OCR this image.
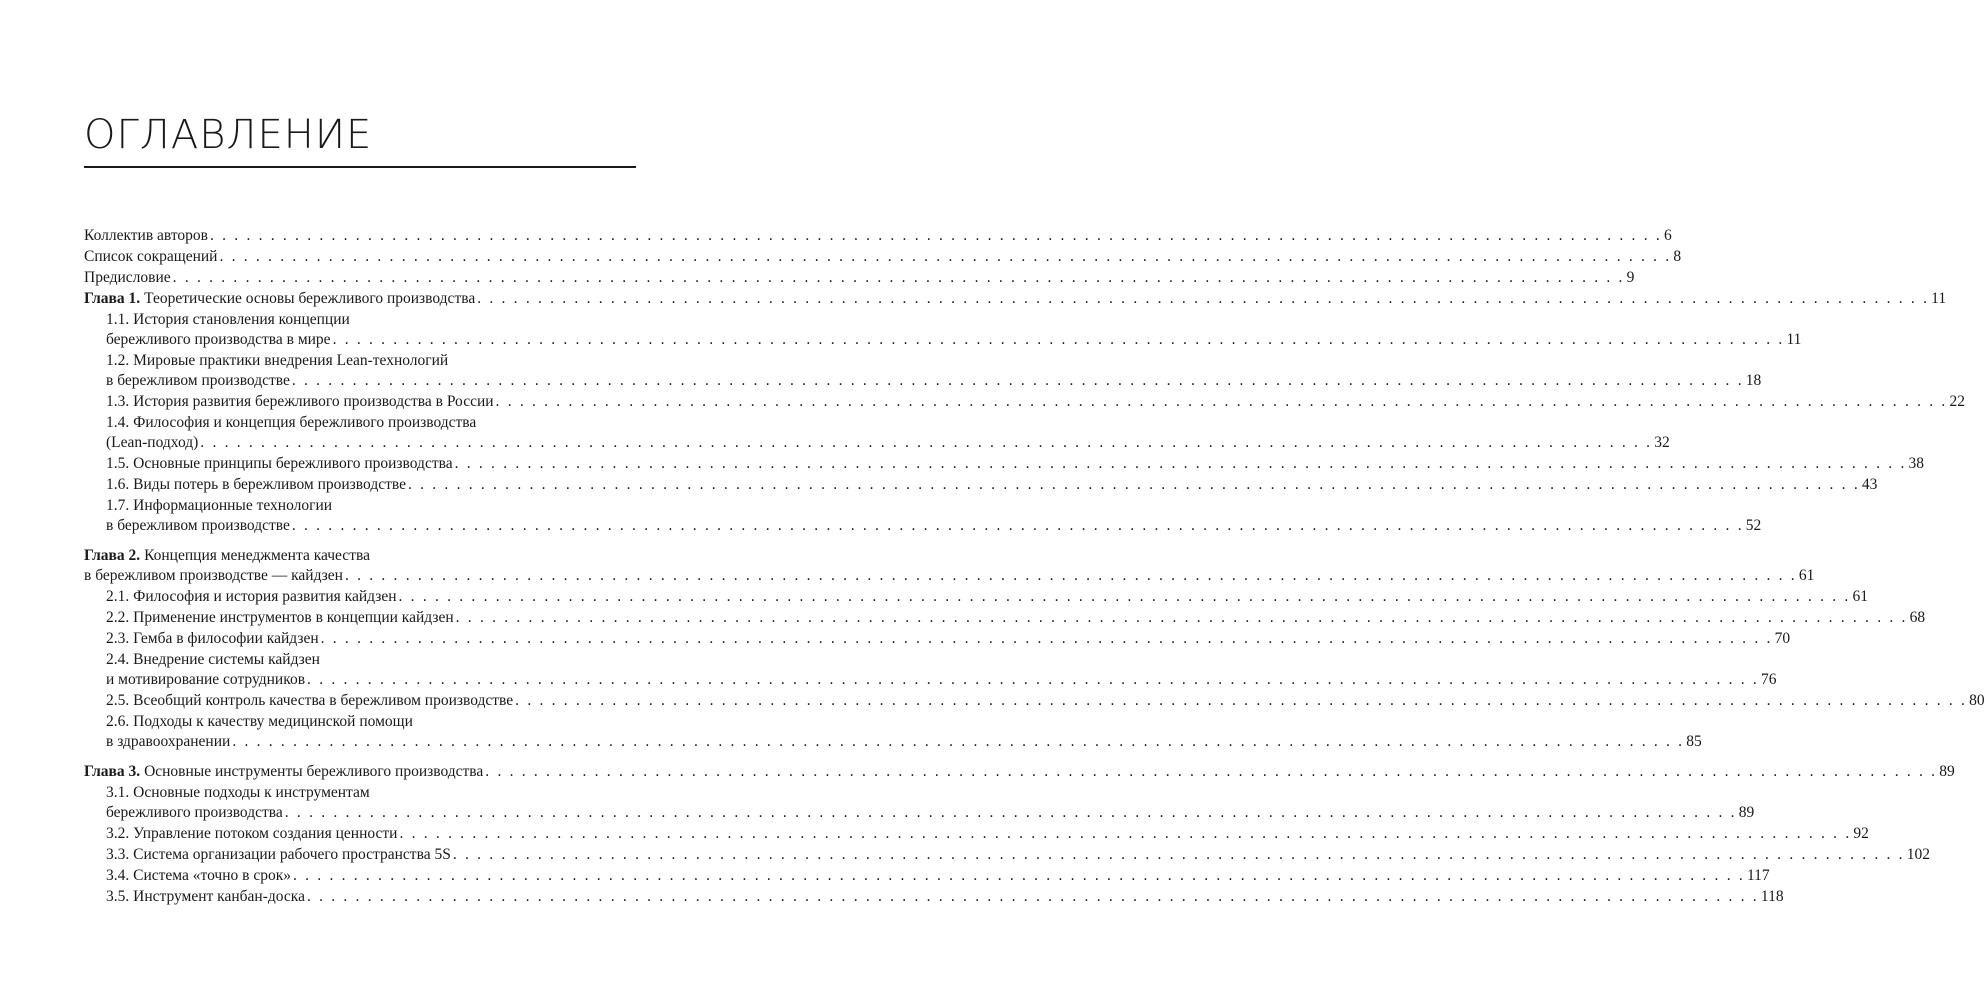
ОГЛАВЛЕНИЕ
Коллектив авторов . . . . . . . . . . . . . . . . . . . . . . . . . . . . . . . . . . . . . . . . . . . . . . . . . . . . . . . . . . . . . . . . . . . . . . . . . . . . . . . . . . . . . . . . . . . . . . . . . . . . . . . . . . . . . . . . . . . . . . . . 6
Список сокращений . . . . . . . . . . . . . . . . . . . . . . . . . . . . . . . . . . . . . . . . . . . . . . . . . . . . . . . . . . . . . . . . . . . . . . . . . . . . . . . . . . . . . . . . . . . . . . . . . . . . . . . . . . . . . . . . . . . . . . . . 8
Предисловие . . . . . . . . . . . . . . . . . . . . . . . . . . . . . . . . . . . . . . . . . . . . . . . . . . . . . . . . . . . . . . . . . . . . . . . . . . . . . . . . . . . . . . . . . . . . . . . . . . . . . . . . . . . . . . . . . . . . . . . . 9
Глава 1. Теоретические основы бережливого производства . . . . . . . . . . . . . . . . . . . . . . . . . . . . . . . . . . . . . . . . . . . . . . . . . . . . . . . . . . . . . . . . . . . . . . . . . . . . . . . . . . . . . . . . . . . . . . . . . . . . . . . . . . . . . . . . . . . . . . . . 11
1.1. История становления концепции
бережливого производства в мире . . . . . . . . . . . . . . . . . . . . . . . . . . . . . . . . . . . . . . . . . . . . . . . . . . . . . . . . . . . . . . . . . . . . . . . . . . . . . . . . . . . . . . . . . . . . . . . . . . . . . . . . . . . . . . . . . . . . . . . . 11
1.2. Мировые практики внедрения Lean-технологий
в бережливом производстве . . . . . . . . . . . . . . . . . . . . . . . . . . . . . . . . . . . . . . . . . . . . . . . . . . . . . . . . . . . . . . . . . . . . . . . . . . . . . . . . . . . . . . . . . . . . . . . . . . . . . . . . . . . . . . . . . . . . . . . . 18
1.3. История развития бережливого производства в России . . . . . . . . . . . . . . . . . . . . . . . . . . . . . . . . . . . . . . . . . . . . . . . . . . . . . . . . . . . . . . . . . . . . . . . . . . . . . . . . . . . . . . . . . . . . . . . . . . . . . . . . . . . . . . . . . . . . . . . . 22
1.4. Философия и концепция бережливого производства
(Lean-подход) . . . . . . . . . . . . . . . . . . . . . . . . . . . . . . . . . . . . . . . . . . . . . . . . . . . . . . . . . . . . . . . . . . . . . . . . . . . . . . . . . . . . . . . . . . . . . . . . . . . . . . . . . . . . . . . . . . . . . . . . 32
1.5. Основные принципы бережливого производства . . . . . . . . . . . . . . . . . . . . . . . . . . . . . . . . . . . . . . . . . . . . . . . . . . . . . . . . . . . . . . . . . . . . . . . . . . . . . . . . . . . . . . . . . . . . . . . . . . . . . . . . . . . . . . . . . . . . . . . . 38
1.6. Виды потерь в бережливом производстве . . . . . . . . . . . . . . . . . . . . . . . . . . . . . . . . . . . . . . . . . . . . . . . . . . . . . . . . . . . . . . . . . . . . . . . . . . . . . . . . . . . . . . . . . . . . . . . . . . . . . . . . . . . . . . . . . . . . . . . . 43
1.7. Информационные технологии
в бережливом производстве . . . . . . . . . . . . . . . . . . . . . . . . . . . . . . . . . . . . . . . . . . . . . . . . . . . . . . . . . . . . . . . . . . . . . . . . . . . . . . . . . . . . . . . . . . . . . . . . . . . . . . . . . . . . . . . . . . . . . . . . 52
Глава 2. Концепция менеджмента качества
в бережливом производстве — кайдзен . . . . . . . . . . . . . . . . . . . . . . . . . . . . . . . . . . . . . . . . . . . . . . . . . . . . . . . . . . . . . . . . . . . . . . . . . . . . . . . . . . . . . . . . . . . . . . . . . . . . . . . . . . . . . . . . . . . . . . . . 61
2.1. Философия и история развития кайдзен . . . . . . . . . . . . . . . . . . . . . . . . . . . . . . . . . . . . . . . . . . . . . . . . . . . . . . . . . . . . . . . . . . . . . . . . . . . . . . . . . . . . . . . . . . . . . . . . . . . . . . . . . . . . . . . . . . . . . . . . 61
2.2. Применение инструментов в концепции кайдзен . . . . . . . . . . . . . . . . . . . . . . . . . . . . . . . . . . . . . . . . . . . . . . . . . . . . . . . . . . . . . . . . . . . . . . . . . . . . . . . . . . . . . . . . . . . . . . . . . . . . . . . . . . . . . . . . . . . . . . . . 68
2.3. Гемба в философии кайдзен . . . . . . . . . . . . . . . . . . . . . . . . . . . . . . . . . . . . . . . . . . . . . . . . . . . . . . . . . . . . . . . . . . . . . . . . . . . . . . . . . . . . . . . . . . . . . . . . . . . . . . . . . . . . . . . . . . . . . . . . 70
2.4. Внедрение системы кайдзен
и мотивирование сотрудников . . . . . . . . . . . . . . . . . . . . . . . . . . . . . . . . . . . . . . . . . . . . . . . . . . . . . . . . . . . . . . . . . . . . . . . . . . . . . . . . . . . . . . . . . . . . . . . . . . . . . . . . . . . . . . . . . . . . . . . . 76
2.5. Всеобщий контроль качества в бережливом производстве . . . . . . . . . . . . . . . . . . . . . . . . . . . . . . . . . . . . . . . . . . . . . . . . . . . . . . . . . . . . . . . . . . . . . . . . . . . . . . . . . . . . . . . . . . . . . . . . . . . . . . . . . . . . . . . . . . . . . . . . 80
2.6. Подходы к качеству медицинской помощи
в здравоохранении . . . . . . . . . . . . . . . . . . . . . . . . . . . . . . . . . . . . . . . . . . . . . . . . . . . . . . . . . . . . . . . . . . . . . . . . . . . . . . . . . . . . . . . . . . . . . . . . . . . . . . . . . . . . . . . . . . . . . . . . 85
Глава 3. Основные инструменты бережливого производства . . . . . . . . . . . . . . . . . . . . . . . . . . . . . . . . . . . . . . . . . . . . . . . . . . . . . . . . . . . . . . . . . . . . . . . . . . . . . . . . . . . . . . . . . . . . . . . . . . . . . . . . . . . . . . . . . . . . . . . . 89
3.1. Основные подходы к инструментам
бережливого производства . . . . . . . . . . . . . . . . . . . . . . . . . . . . . . . . . . . . . . . . . . . . . . . . . . . . . . . . . . . . . . . . . . . . . . . . . . . . . . . . . . . . . . . . . . . . . . . . . . . . . . . . . . . . . . . . . . . . . . . . 89
3.2. Управление потоком создания ценности . . . . . . . . . . . . . . . . . . . . . . . . . . . . . . . . . . . . . . . . . . . . . . . . . . . . . . . . . . . . . . . . . . . . . . . . . . . . . . . . . . . . . . . . . . . . . . . . . . . . . . . . . . . . . . . . . . . . . . . . 92
3.3. Система организации рабочего пространства 5S . . . . . . . . . . . . . . . . . . . . . . . . . . . . . . . . . . . . . . . . . . . . . . . . . . . . . . . . . . . . . . . . . . . . . . . . . . . . . . . . . . . . . . . . . . . . . . . . . . . . . . . . . . . . . . . . . . . . . . . . 102
3.4. Система «точно в срок» . . . . . . . . . . . . . . . . . . . . . . . . . . . . . . . . . . . . . . . . . . . . . . . . . . . . . . . . . . . . . . . . . . . . . . . . . . . . . . . . . . . . . . . . . . . . . . . . . . . . . . . . . . . . . . . . . . . . . . . . 117
3.5. Инструмент канбан-доска . . . . . . . . . . . . . . . . . . . . . . . . . . . . . . . . . . . . . . . . . . . . . . . . . . . . . . . . . . . . . . . . . . . . . . . . . . . . . . . . . . . . . . . . . . . . . . . . . . . . . . . . . . . . . . . . . . . . . . . . 118
